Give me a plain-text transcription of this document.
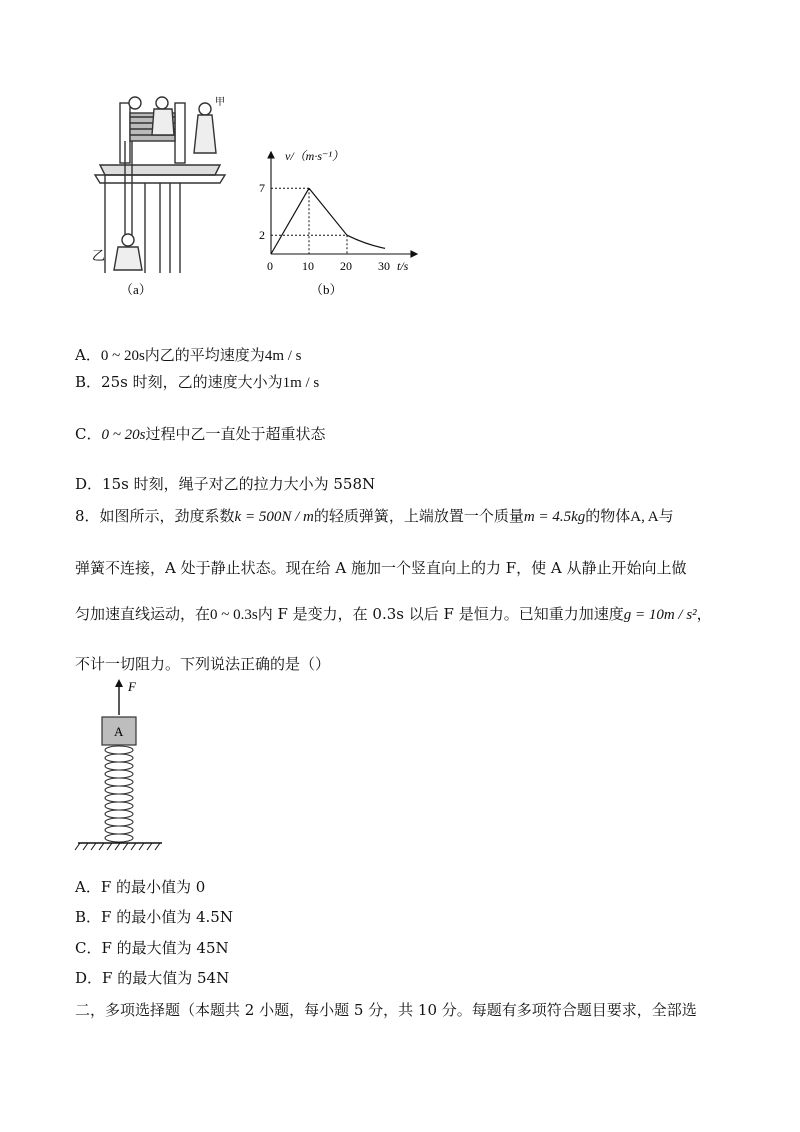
乙
甲
（a）
v/（m·s⁻¹）
t/s
7
2
0 10 20 30
（b）
A．0 ~ 20s内乙的平均速度为4m / s
B．25s 时刻，乙的速度大小为1m / s
C．0 ~ 20s过程中乙一直处于超重状态
D．15s 时刻，绳子对乙的拉力大小为 558N
8．如图所示，劲度系数k = 500N / m的轻质弹簧，上端放置一个质量m = 4.5kg的物体A, A与
弹簧不连接，A 处于静止状态。现在给 A 施加一个竖直向上的力 F，使 A 从静止开始向上做
匀加速直线运动，在0 ~ 0.3s内 F 是变力，在 0.3s 以后 F 是恒力。已知重力加速度g = 10m / s²，
不计一切阻力。下列说法正确的是（）
F
A
A．F 的最小值为 0
B．F 的最小值为 4.5N
C．F 的最大值为 45N
D．F 的最大值为 54N
二，多项选择题（本题共 2 小题，每小题 5 分，共 10 分。每题有多项符合题目要求，全部选
